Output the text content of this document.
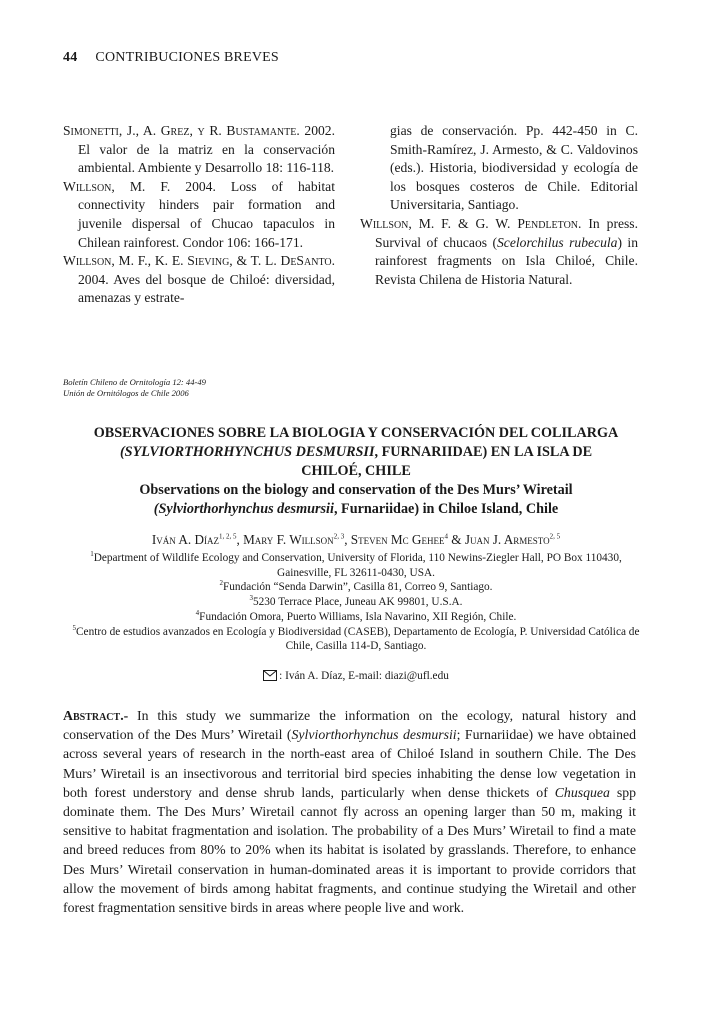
44 CONTRIBUCIONES BREVES
Simonetti, J., A. Grez, y R. Bustamante. 2002. El valor de la matriz en la conservación ambiental. Ambiente y Desarrollo 18: 116-118.
Willson, M. F. 2004. Loss of habitat connectivity hinders pair formation and juvenile dispersal of Chucao tapaculos in Chilean rainforest. Condor 106: 166-171.
Willson, M. F., K. E. Sieving, & T. L. DeSanto. 2004. Aves del bosque de Chiloé: diversidad, amenazas y estrate-
gias de conservación. Pp. 442-450 in C. Smith-Ramírez, J. Armesto, & C. Valdovinos (eds.). Historia, biodiversidad y ecología de los bosques costeros de Chile. Editorial Universitaria, Santiago.
Willson, M. F. & G. W. Pendleton. In press. Survival of chucaos (Scelorchilus rubecula) in rainforest fragments on Isla Chiloé, Chile. Revista Chilena de Historia Natural.
Boletín Chileno de Ornitología 12: 44-49
Unión de Ornitólogos de Chile 2006
OBSERVACIONES SOBRE LA BIOLOGIA Y CONSERVACIÓN DEL COLILARGA
(SYLVIORTHORHYNCHUS DESMURSII, FURNARIIDAE) EN LA ISLA DE
CHILOÉ, CHILE
Observations on the biology and conservation of the Des Murs’ Wiretail
(Sylviorthorhynchus desmursii, Furnariidae) in Chiloe Island, Chile
Iván A. Díaz$^{1, 2, 5}$, Mary F. Willson$^{2, 3}$, Steven Mc Gehee$^4$ & Juan J. Armesto$^{2, 5}$
$^1$Department of Wildlife Ecology and Conservation, University of Florida, 110 Newins-Ziegler Hall, PO Box 110430, Gainesville, FL 32611-0430, USA.
$^2$Fundación “Senda Darwin”, Casilla 81, Correo 9, Santiago.
$^3$5230 Terrace Place, Juneau AK 99801, U.S.A.
$^4$Fundación Omora, Puerto Williams, Isla Navarino, XII Región, Chile.
$^5$Centro de estudios avanzados en Ecología y Biodiversidad (CASEB), Departamento de Ecología, P. Universidad Católica de Chile, Casilla 114-D, Santiago.
: Iván A. Díaz, E-mail: diazi@ufl.edu
Abstract.- In this study we summarize the information on the ecology, natural history and conservation of the Des Murs’ Wiretail (Sylviorthorhynchus desmursii; Furnariidae) we have obtained across several years of research in the north-east area of Chiloé Island in southern Chile. The Des Murs’ Wiretail is an insectivorous and territorial bird species inhabiting the dense low vegetation in both forest understory and dense shrub lands, particularly when dense thickets of Chusquea spp dominate them. The Des Murs’ Wiretail cannot fly across an opening larger than 50 m, making it sensitive to habitat fragmentation and isolation. The probability of a Des Murs’ Wiretail to find a mate and breed reduces from 80% to 20% when its habitat is isolated by grasslands. Therefore, to enhance Des Murs’ Wiretail conservation in human-dominated areas it is important to provide corridors that allow the movement of birds among habitat fragments, and continue studying the Wiretail and other forest fragmentation sensitive birds in areas where people live and work.
